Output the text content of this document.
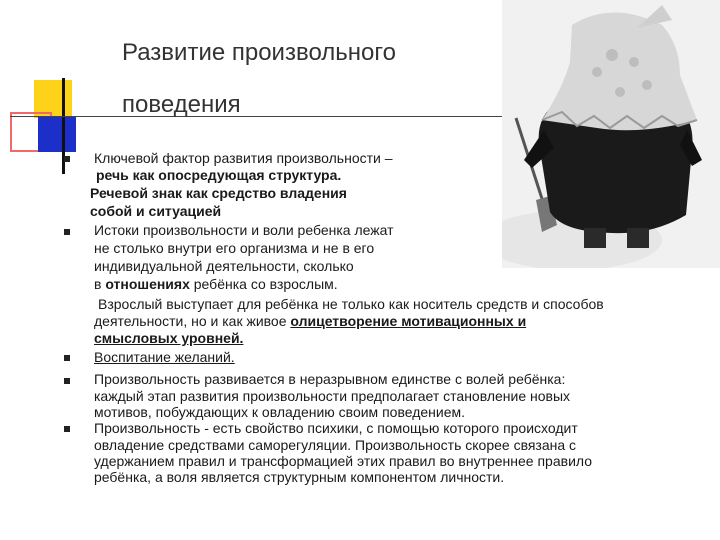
Развитие произвольного
поведения
Ключевой фактор развития произвольности –
речь как опосредующая структура.
Речевой знак как средство владения
собой и ситуацией
Истоки произвольности и воли ребенка лежат
не столько внутри его организма и не в его
индивидуальной деятельности, сколько
в отношениях ребёнка со взрослым.
Взрослый выступает для ребёнка не только как носитель средств и способов
деятельности, но и как живое олицетворение мотивационных и
смысловых уровней.
Воспитание желаний.
Произвольность развивается в неразрывном единстве с волей ребёнка:
каждый этап развития произвольности предполагает становление новых
мотивов, побуждающих к овладению своим поведением.
Произвольность - есть свойство психики, с помощью которого происходит
овладение средствами саморегуляции. Произвольность скорее связана с
удержанием правил и трансформацией этих правил во внутреннее правило
ребёнка, а воля является структурным компонентом личности.
